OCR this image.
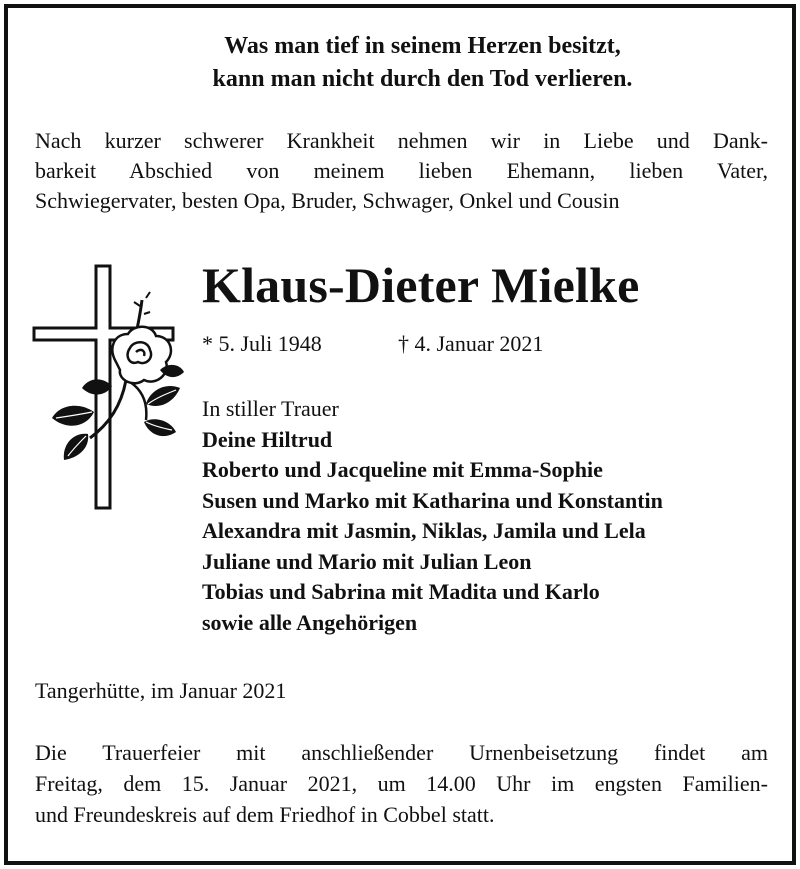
Was man tief in seinem Herzen besitzt,
kann man nicht durch den Tod verlieren.
Nach kurzer schwerer Krankheit nehmen wir in Liebe und Dank-
barkeit Abschied von meinem lieben Ehemann, lieben Vater,
Schwiegervater, besten Opa, Bruder, Schwager, Onkel und Cousin
Klaus-Dieter Mielke
* 5. Juli 1948	† 4. Januar 2021
In stiller Trauer
Deine Hiltrud
Roberto und Jacqueline mit Emma-Sophie
Susen und Marko mit Katharina und Konstantin
Alexandra mit Jasmin, Niklas, Jamila und Lela
Juliane und Mario mit Julian Leon
Tobias und Sabrina mit Madita und Karlo
sowie alle Angehörigen
Tangerhütte, im Januar 2021
Die Trauerfeier mit anschließender Urnenbeisetzung findet am
Freitag, dem 15. Januar 2021, um 14.00 Uhr im engsten Familien-
und Freundeskreis auf dem Friedhof in Cobbel statt.
